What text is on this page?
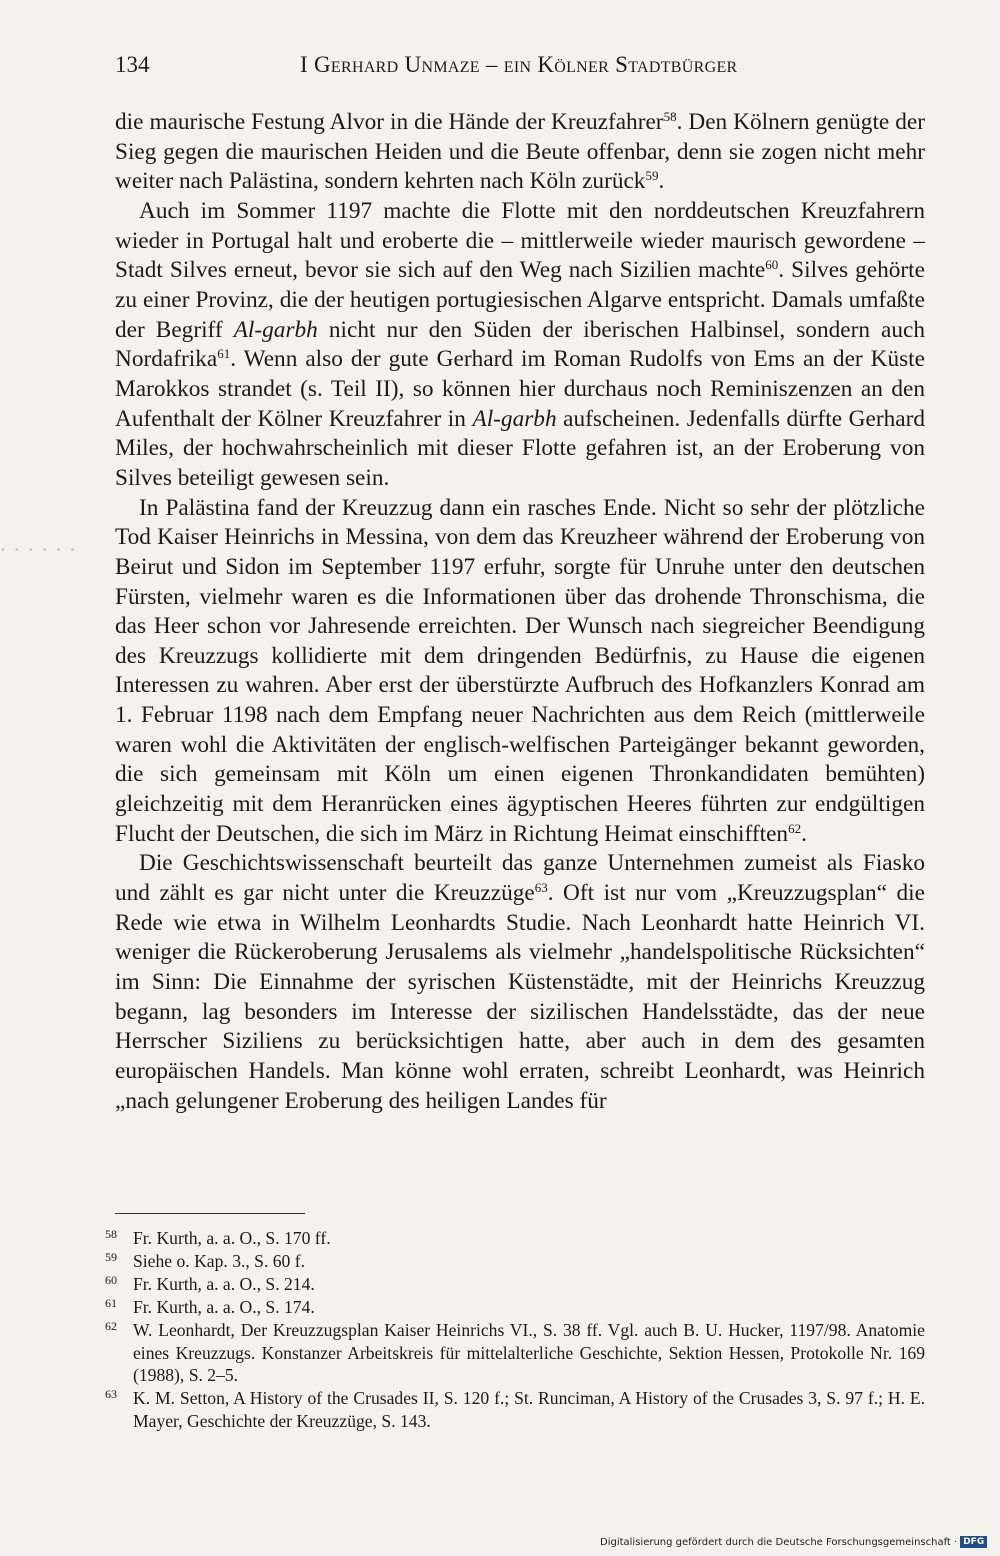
••••••
134	I Gerhard Unmaze – ein Kölner Stadtbürger

die maurische Festung Alvor in die Hände der Kreuzfahrer$^{58}$. Den Kölnern genügte der Sieg gegen die maurischen Heiden und die Beute offenbar, denn sie zogen nicht mehr weiter nach Palästina, sondern kehrten nach Köln zurück$^{59}$.

Auch im Sommer 1197 machte die Flotte mit den norddeutschen Kreuzfahrern wieder in Portugal halt und eroberte die – mittlerweile wieder maurisch gewordene – Stadt Silves erneut, bevor sie sich auf den Weg nach Sizilien machte$^{60}$. Silves gehörte zu einer Provinz, die der heutigen portugiesischen Algarve entspricht. Damals umfaßte der Begriff Al-garbh nicht nur den Süden der iberischen Halbinsel, sondern auch Nordafrika$^{61}$. Wenn also der gute Gerhard im Roman Rudolfs von Ems an der Küste Marokkos strandet (s. Teil II), so können hier durchaus noch Reminiszenzen an den Aufenthalt der Kölner Kreuzfahrer in Al-garbh aufscheinen. Jedenfalls dürfte Gerhard Miles, der hochwahrscheinlich mit dieser Flotte gefahren ist, an der Eroberung von Silves beteiligt gewesen sein.

In Palästina fand der Kreuzzug dann ein rasches Ende. Nicht so sehr der plötzliche Tod Kaiser Heinrichs in Messina, von dem das Kreuzheer während der Eroberung von Beirut und Sidon im September 1197 erfuhr, sorgte für Unruhe unter den deutschen Fürsten, vielmehr waren es die Informationen über das drohende Thronschisma, die das Heer schon vor Jahresende erreichten. Der Wunsch nach siegreicher Beendigung des Kreuzzugs kollidierte mit dem dringenden Bedürfnis, zu Hause die eigenen Interessen zu wahren. Aber erst der überstürzte Aufbruch des Hofkanzlers Konrad am 1. Februar 1198 nach dem Empfang neuer Nachrichten aus dem Reich (mittlerweile waren wohl die Aktivitäten der englisch-welfischen Parteigänger bekannt geworden, die sich gemeinsam mit Köln um einen eigenen Thronkandidaten bemühten) gleichzeitig mit dem Heranrücken eines ägyptischen Heeres führten zur endgültigen Flucht der Deutschen, die sich im März in Richtung Heimat einschifften$^{62}$.

Die Geschichtswissenschaft beurteilt das ganze Unternehmen zumeist als Fiasko und zählt es gar nicht unter die Kreuzzüge$^{63}$. Oft ist nur vom „Kreuzzugsplan“ die Rede wie etwa in Wilhelm Leonhardts Studie. Nach Leonhardt hatte Heinrich VI. weniger die Rückeroberung Jerusalems als vielmehr „handelspolitische Rücksichten“ im Sinn: Die Einnahme der syrischen Küstenstädte, mit der Heinrichs Kreuzzug begann, lag besonders im Interesse der sizilischen Handelsstädte, das der neue Herrscher Siziliens zu berücksichtigen hatte, aber auch in dem des gesamten europäischen Handels. Man könne wohl erraten, schreibt Leonhardt, was Heinrich „nach gelungener Eroberung des heiligen Landes für

58 Fr. Kurth, a. a. O., S. 170 ff.
59 Siehe o. Kap. 3., S. 60 f.
60 Fr. Kurth, a. a. O., S. 214.
61 Fr. Kurth, a. a. O., S. 174.
62 W. Leonhardt, Der Kreuzzugsplan Kaiser Heinrichs VI., S. 38 ff. Vgl. auch B. U. Hucker, 1197/98. Anatomie eines Kreuzzugs. Konstanzer Arbeitskreis für mittelalterliche Geschichte, Sektion Hessen, Protokolle Nr. 169 (1988), S. 2–5.
63 K. M. Setton, A History of the Crusades II, S. 120 f.; St. Runciman, A History of the Crusades 3, S. 97 f.; H. E. Mayer, Geschichte der Kreuzzüge, S. 143.
Digitalisierung gefördert durch die Deutsche Forschungsgemeinschaft · DFG
